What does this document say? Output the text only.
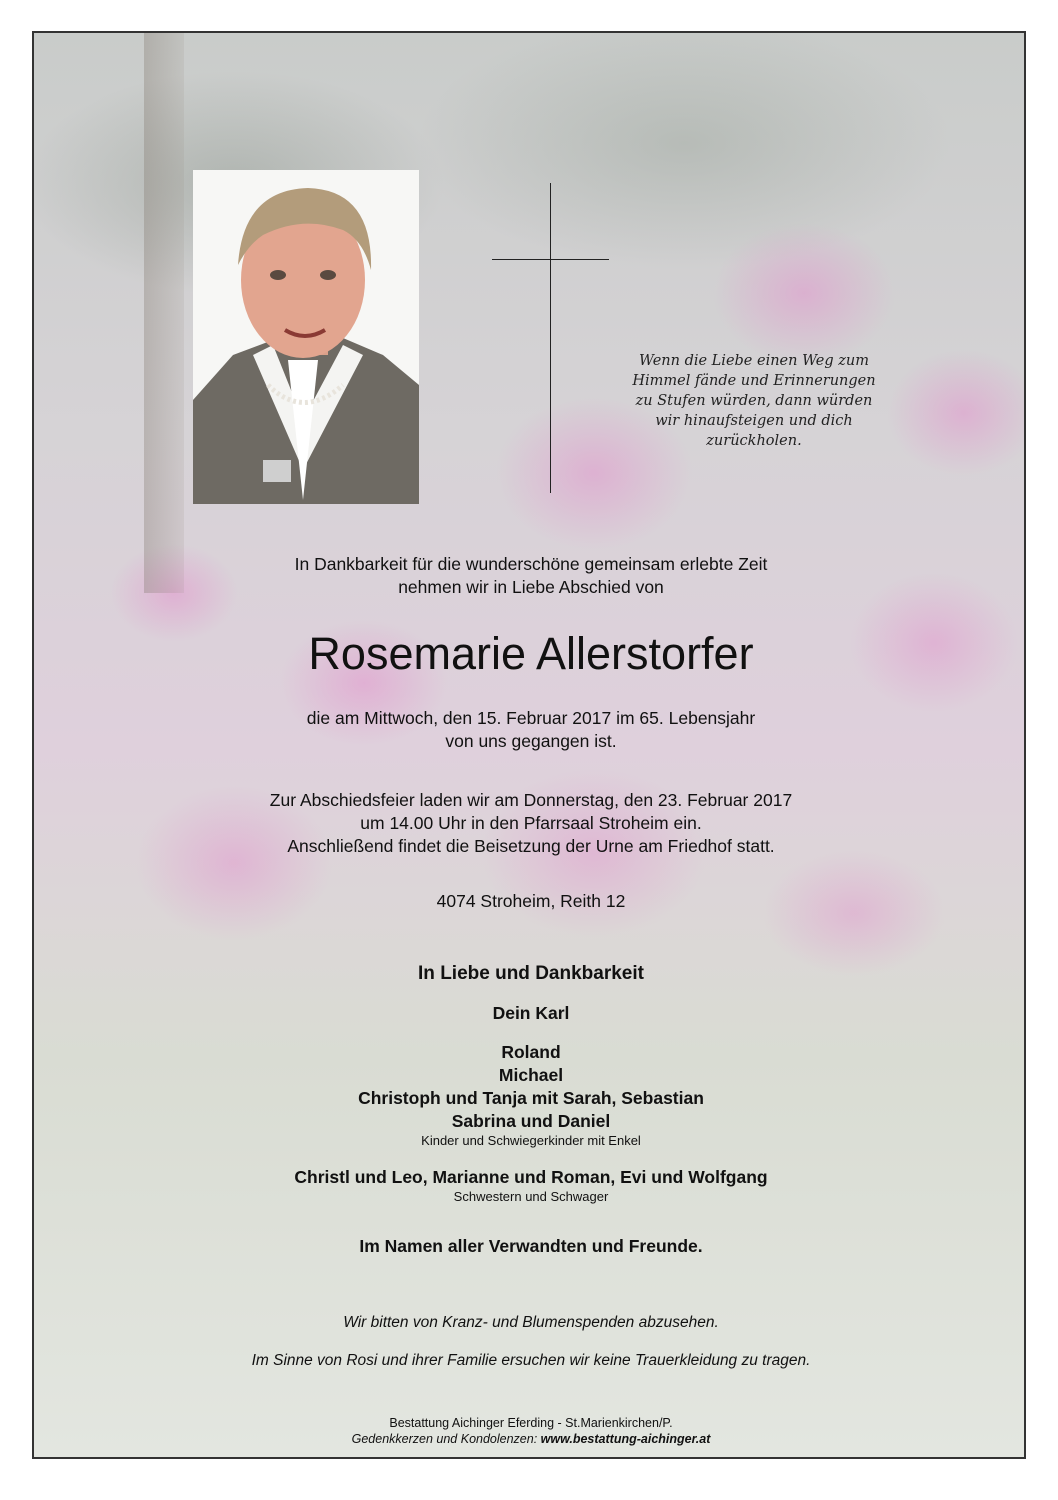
Wenn die Liebe einen Weg zum
Himmel fände und Erinnerungen
zu Stufen würden, dann würden
wir hinaufsteigen und dich
zurückholen.
In Dankbarkeit für die wunderschöne gemeinsam erlebte Zeit
nehmen wir in Liebe Abschied von
Rosemarie Allerstorfer
die am Mittwoch, den 15. Februar 2017 im 65. Lebensjahr
von uns gegangen ist.
Zur Abschiedsfeier laden wir am Donnerstag, den 23. Februar 2017
um 14.00 Uhr in den Pfarrsaal Stroheim ein.
Anschließend findet die Beisetzung der Urne am Friedhof statt.
4074 Stroheim, Reith 12
In Liebe und Dankbarkeit
Dein Karl
Roland
Michael
Christoph und Tanja mit Sarah, Sebastian
Sabrina und Daniel
Kinder und Schwiegerkinder mit Enkel
Christl und Leo, Marianne und Roman, Evi und Wolfgang
Schwestern und Schwager
Im Namen aller Verwandten und Freunde.
Wir bitten von Kranz- und Blumenspenden abzusehen.
Im Sinne von Rosi und ihrer Familie ersuchen wir keine Trauerkleidung zu tragen.
Bestattung Aichinger Eferding - St.Marienkirchen/P.
Gedenkkerzen und Kondolenzen: www.bestattung-aichinger.at
